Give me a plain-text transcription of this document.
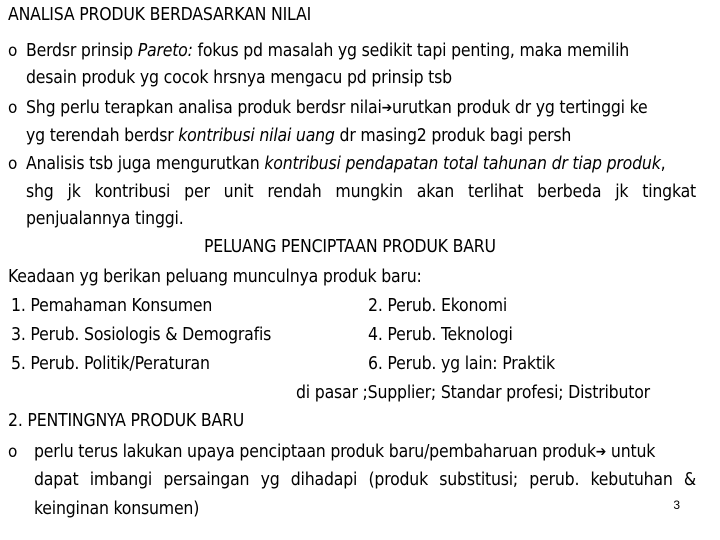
ANALISA PRODUK BERDASARKAN NILAI
o Berdsr prinsip Pareto: fokus pd masalah yg sedikit tapi penting, maka memilih
desain produk yg cocok hrsnya mengacu pd prinsip tsb
o Shg perlu terapkan analisa produk berdsr nilai➔urutkan produk dr yg tertinggi ke
yg terendah berdsr kontribusi nilai uang dr masing2 produk bagi persh
o Analisis tsb juga mengurutkan kontribusi pendapatan total tahunan dr tiap produk,
shg jk kontribusi per unit rendah mungkin akan terlihat berbeda jk tingkat
penjualannya tinggi.
PELUANG PENCIPTAAN PRODUK BARU
Keadaan yg berikan peluang munculnya produk baru:
1. Pemahaman Konsumen	2. Perub. Ekonomi
3. Perub. Sosiologis & Demografis	4. Perub. Teknologi
5. Perub. Politik/Peraturan	6. Perub. yg lain: Praktik
di pasar ;Supplier; Standar profesi; Distributor
2. PENTINGNYA PRODUK BARU
o perlu terus lakukan upaya penciptaan produk baru/pembaharuan produk➔ untuk
dapat imbangi persaingan yg dihadapi (produk substitusi; perub. kebutuhan &
keinginan konsumen)	3
